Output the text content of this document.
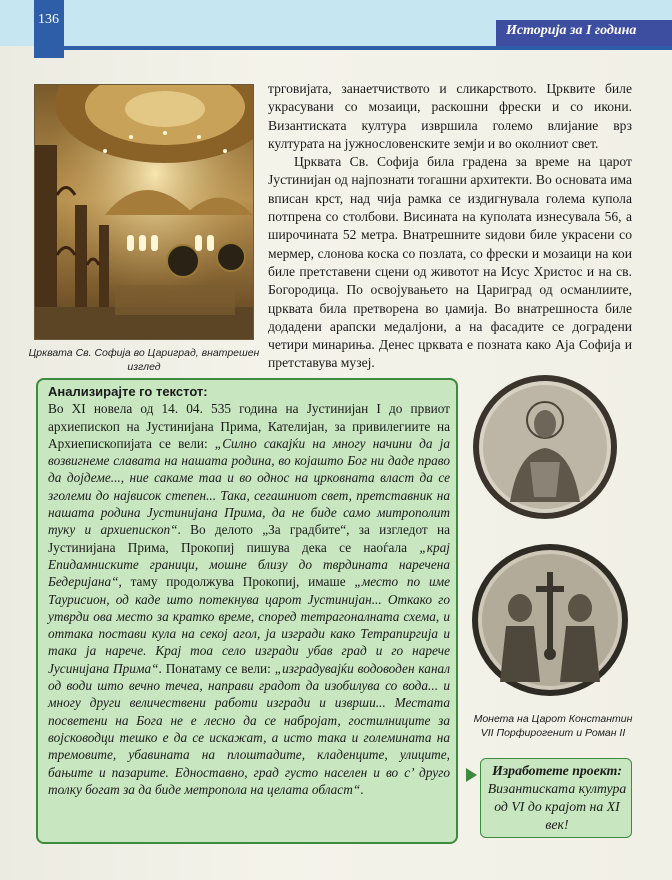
136
Историја за I година
Црквата Св. Софија во Цариград, внатрешен изглед

трговијата, занаетчиството и сликарството. Црквите биле украсувани со мозаици, раскошни фрески и со икони. Византиската култура извршила големо влијание врз културата на јужнословенските земји и во околниот свет.

Црквата Св. Софија била градена за време на царот Јустинијан од најпознати тогашни архитекти. Во основата има вписан крст, над чија рамка се издигнувала голема купола потпрена со столбови. Висината на куполата изнесувала 56, а широчината 52 метра. Внатрешните ѕидови биле украсени со мермер, слонова коска со позлата, со фрески и мозаици на кои биле претставени сцени од животот на Исус Христос и на св. Богородица. По освојувањето на Цариград од османлиите, црквата била претворена во џамија. Во внатрешноста биле додадени арапски медалјони, а на фасадите се доградени четири минариња. Денес црквата е позната како Аја Софија и претставува музеј.

Анализирајте го текстот:

Во XI новела од 14. 04. 535 година на Јустинијан I до првиот архиепископ на Јустинијана Прима, Кателијан, за привилегиите на Архиепископијата се вели: „Силно сакајќи на многу начини да ја возвигнеме славата на нашата родина, во којашто Бог ни даде право да дојдеме..., ние сакаме таа и во однос на црковната власт да се зголеми до највисок степен... Така, сегашниот свет, претставник на нашата родина Јустинијана Прима, да не биде само митрополит туку и архиепископ“. Во делото „За градбите“, за изгледот на Јустинијана Прима, Прокопиј пишува дека се наоѓала „крај Епидамниските граници, мошне близу до тврдината наречена Бедеријана“, таму продолжува Прокопиј, имаше „место по име Таурисион, од каде што потекнува царот Јустинијан... Откако го утврди ова место за кратко време, според тетрагоналната схема, и оттака постави кула на секој агол, ја изгради како Тетрапиргија и така ја нарече. Крај тоа село изгради убав град и го нарече Јусинијана Прима“. Понатаму се вели: „изградувајќи водоводен канал од води што вечно течеа, направи градот да изобилува со вода... и многу други величествени работи изгради и изврши... Местата посветени на Бога не е лесно да се набројат, гостилниците за војсководци тешко е да се искажат, а исто така и големината на тремовите, убавината на плоштадите, кладенците, улиците, бањите и пазарите. Едноставно, град густо населен и во с’ друго толку богат за да биде метропола на целата област“.

Монета на Царот Константин VII Порфирогенит и Роман II
Изработете проект:
Византиската култура од VI до крајот на XI век!
